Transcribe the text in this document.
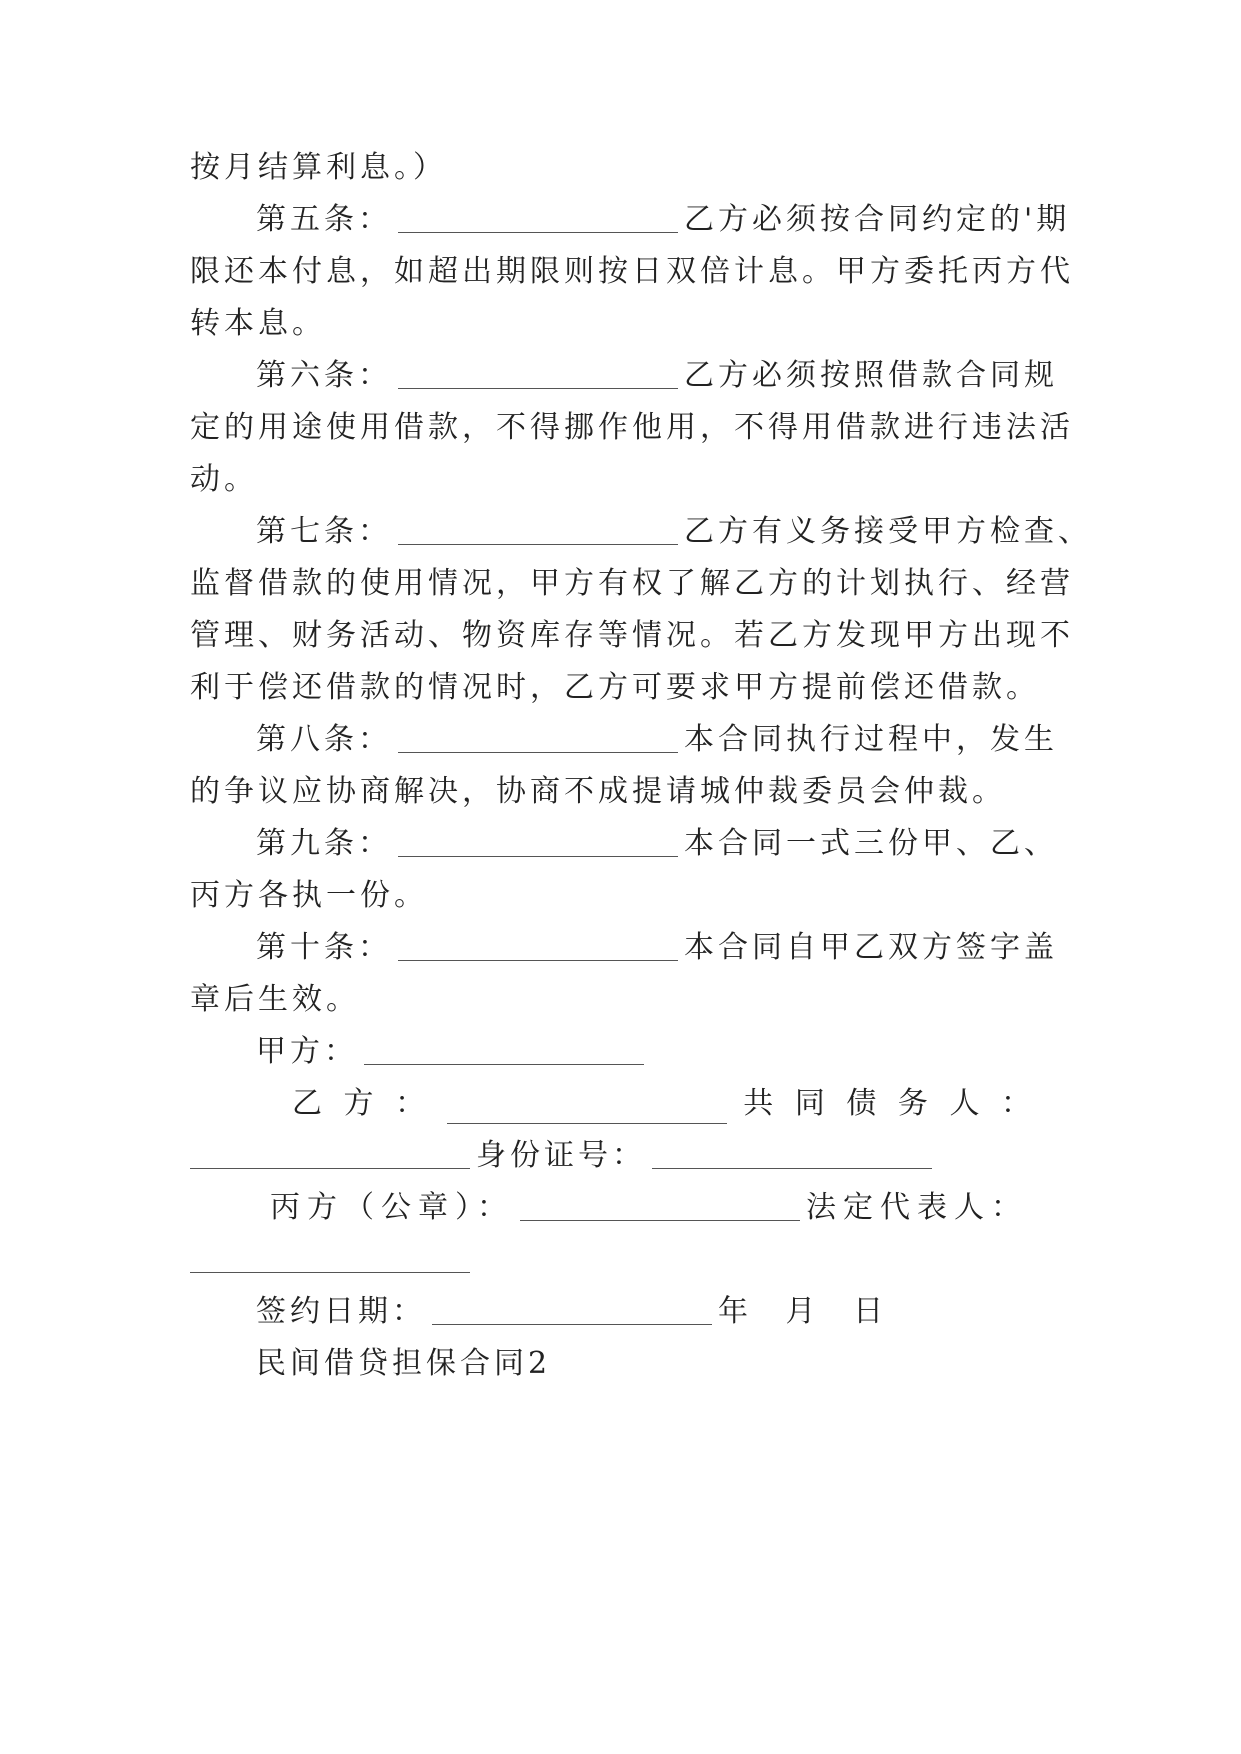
按月结算利息。）
第五条：	乙方必须按合同约定的'期
限还本付息，如超出期限则按日双倍计息。甲方委托丙方代
转本息。
第六条：	乙方必须按照借款合同规
定的用途使用借款，不得挪作他用，不得用借款进行违法活
动。
第七条：	乙方有义务接受甲方检查、
监督借款的使用情况，甲方有权了解乙方的计划执行、经营
管理、财务活动、物资库存等情况。若乙方发现甲方出现不
利于偿还借款的情况时，乙方可要求甲方提前偿还借款。
第八条：	本合同执行过程中，发生
的争议应协商解决，协商不成提请城仲裁委员会仲裁。
第九条：	本合同一式三份甲、乙、
丙方各执一份。
第十条：	本合同自甲乙双方签字盖
章后生效。
甲方：
乙 方 ：	共 同 债 务 人 ：
身份证号：
丙方（公章）：	法定代表人：
签约日期：	年 月 日
民间借贷担保合同2
